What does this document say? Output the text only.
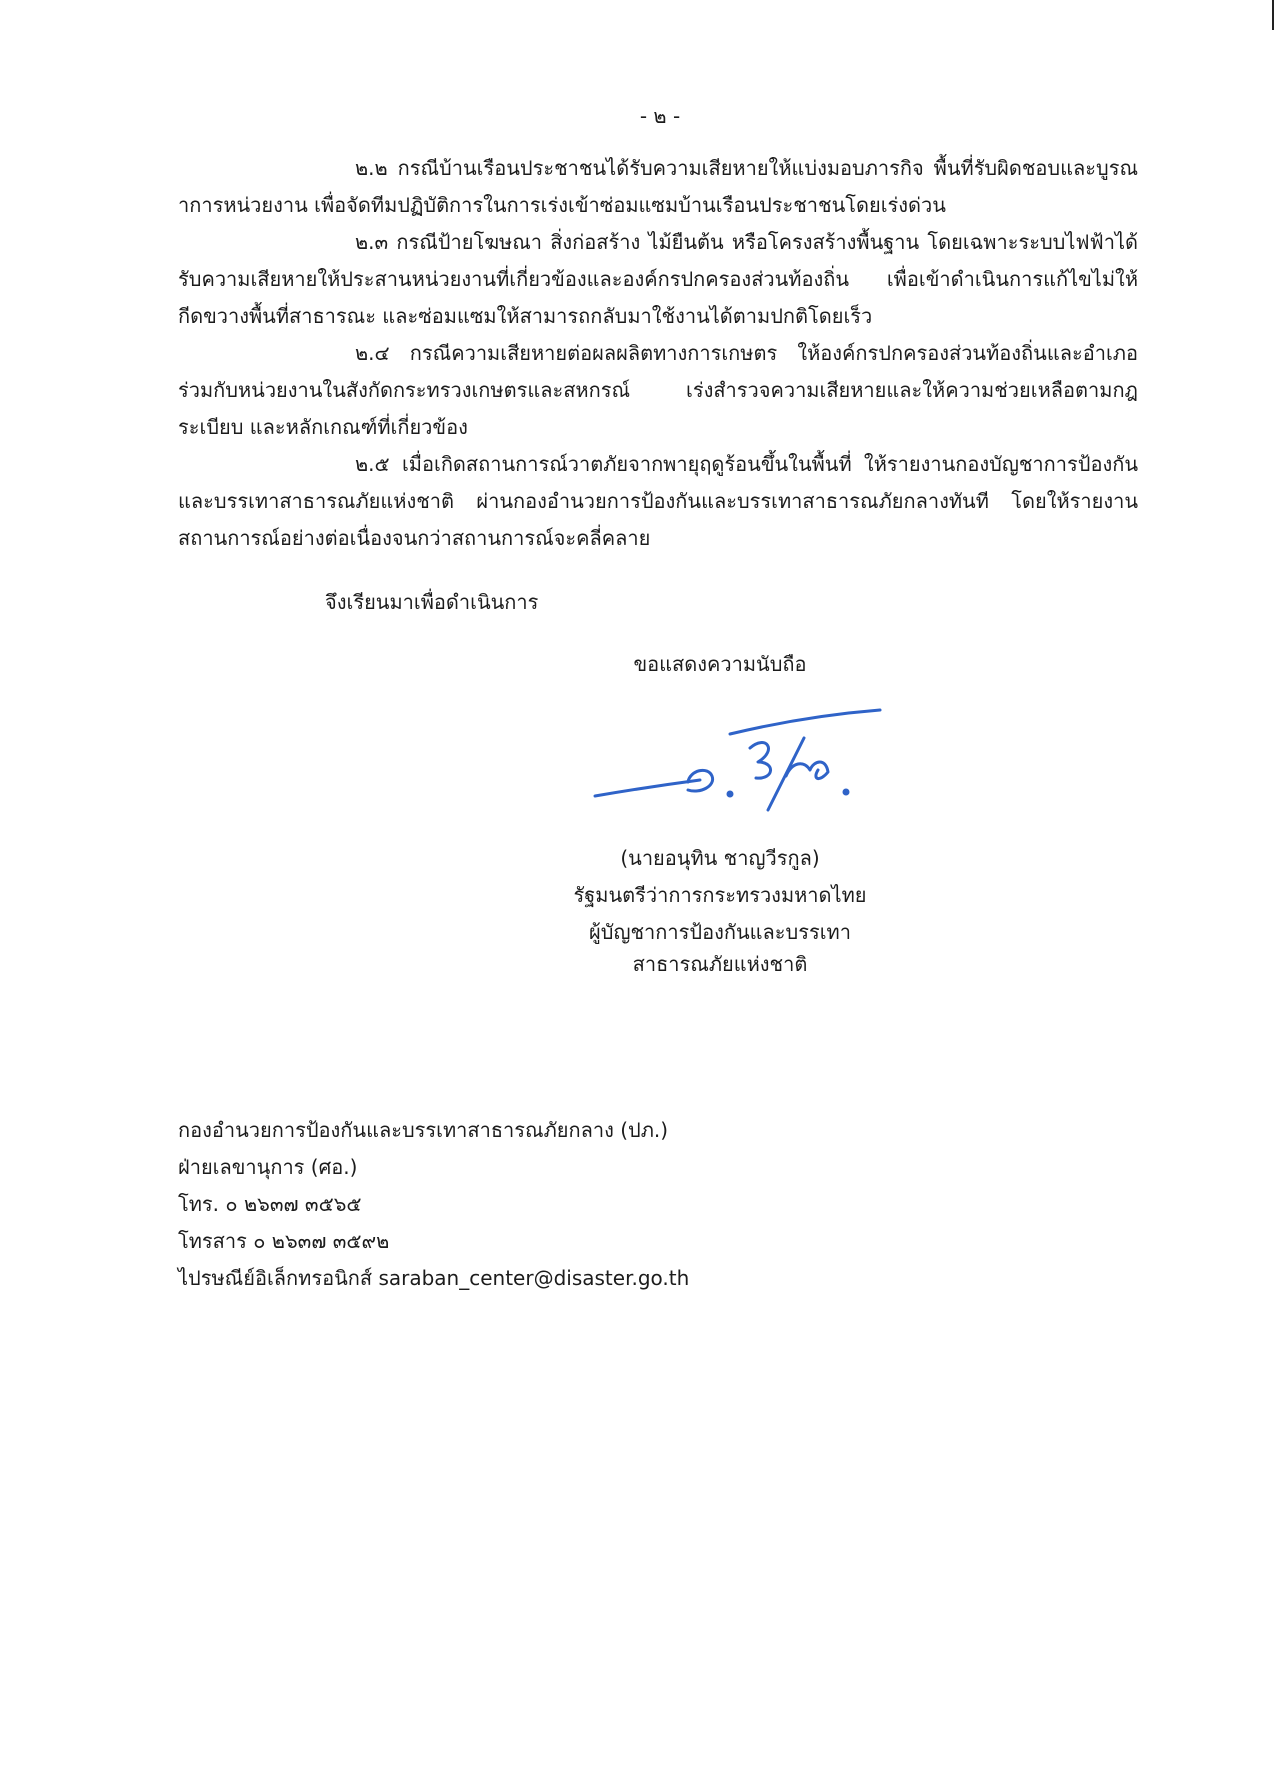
- ๒ -

๒.๒ กรณีบ้านเรือนประชาชนได้รับความเสียหายให้แบ่งมอบภารกิจ พื้นที่รับผิดชอบและบูรณาการหน่วยงาน เพื่อจัดทีมปฏิบัติการในการเร่งเข้าซ่อมแซมบ้านเรือนประชาชนโดยเร่งด่วน

๒.๓ กรณีป้ายโฆษณา สิ่งก่อสร้าง ไม้ยืนต้น หรือโครงสร้างพื้นฐาน โดยเฉพาะระบบไฟฟ้าได้รับความเสียหายให้ประสานหน่วยงานที่เกี่ยวข้องและองค์กรปกครองส่วนท้องถิ่น เพื่อเข้าดำเนินการแก้ไขไม่ให้กีดขวางพื้นที่สาธารณะ และซ่อมแซมให้สามารถกลับมาใช้งานได้ตามปกติโดยเร็ว

๒.๔ กรณีความเสียหายต่อผลผลิตทางการเกษตร ให้องค์กรปกครองส่วนท้องถิ่นและอำเภอร่วมกับหน่วยงานในสังกัดกระทรวงเกษตรและสหกรณ์ เร่งสำรวจความเสียหายและให้ความช่วยเหลือตามกฎ ระเบียบ และหลักเกณฑ์ที่เกี่ยวข้อง

๒.๕ เมื่อเกิดสถานการณ์วาตภัยจากพายุฤดูร้อนขึ้นในพื้นที่ ให้รายงานกองบัญชาการป้องกันและบรรเทาสาธารณภัยแห่งชาติ ผ่านกองอำนวยการป้องกันและบรรเทาสาธารณภัยกลางทันที โดยให้รายงานสถานการณ์อย่างต่อเนื่องจนกว่าสถานการณ์จะคลี่คลาย

จึงเรียนมาเพื่อดำเนินการ
ขอแสดงความนับถือ
(นายอนุทิน ชาญวีรกูล)
รัฐมนตรีว่าการกระทรวงมหาดไทย
ผู้บัญชาการป้องกันและบรรเทาสาธารณภัยแห่งชาติ
กองอำนวยการป้องกันและบรรเทาสาธารณภัยกลาง (ปภ.)
ฝ่ายเลขานุการ (ศอ.)
โทร. ๐ ๒๖๓๗ ๓๕๖๕
โทรสาร ๐ ๒๖๓๗ ๓๕๙๒
ไปรษณีย์อิเล็กทรอนิกส์ saraban_center@disaster.go.th
